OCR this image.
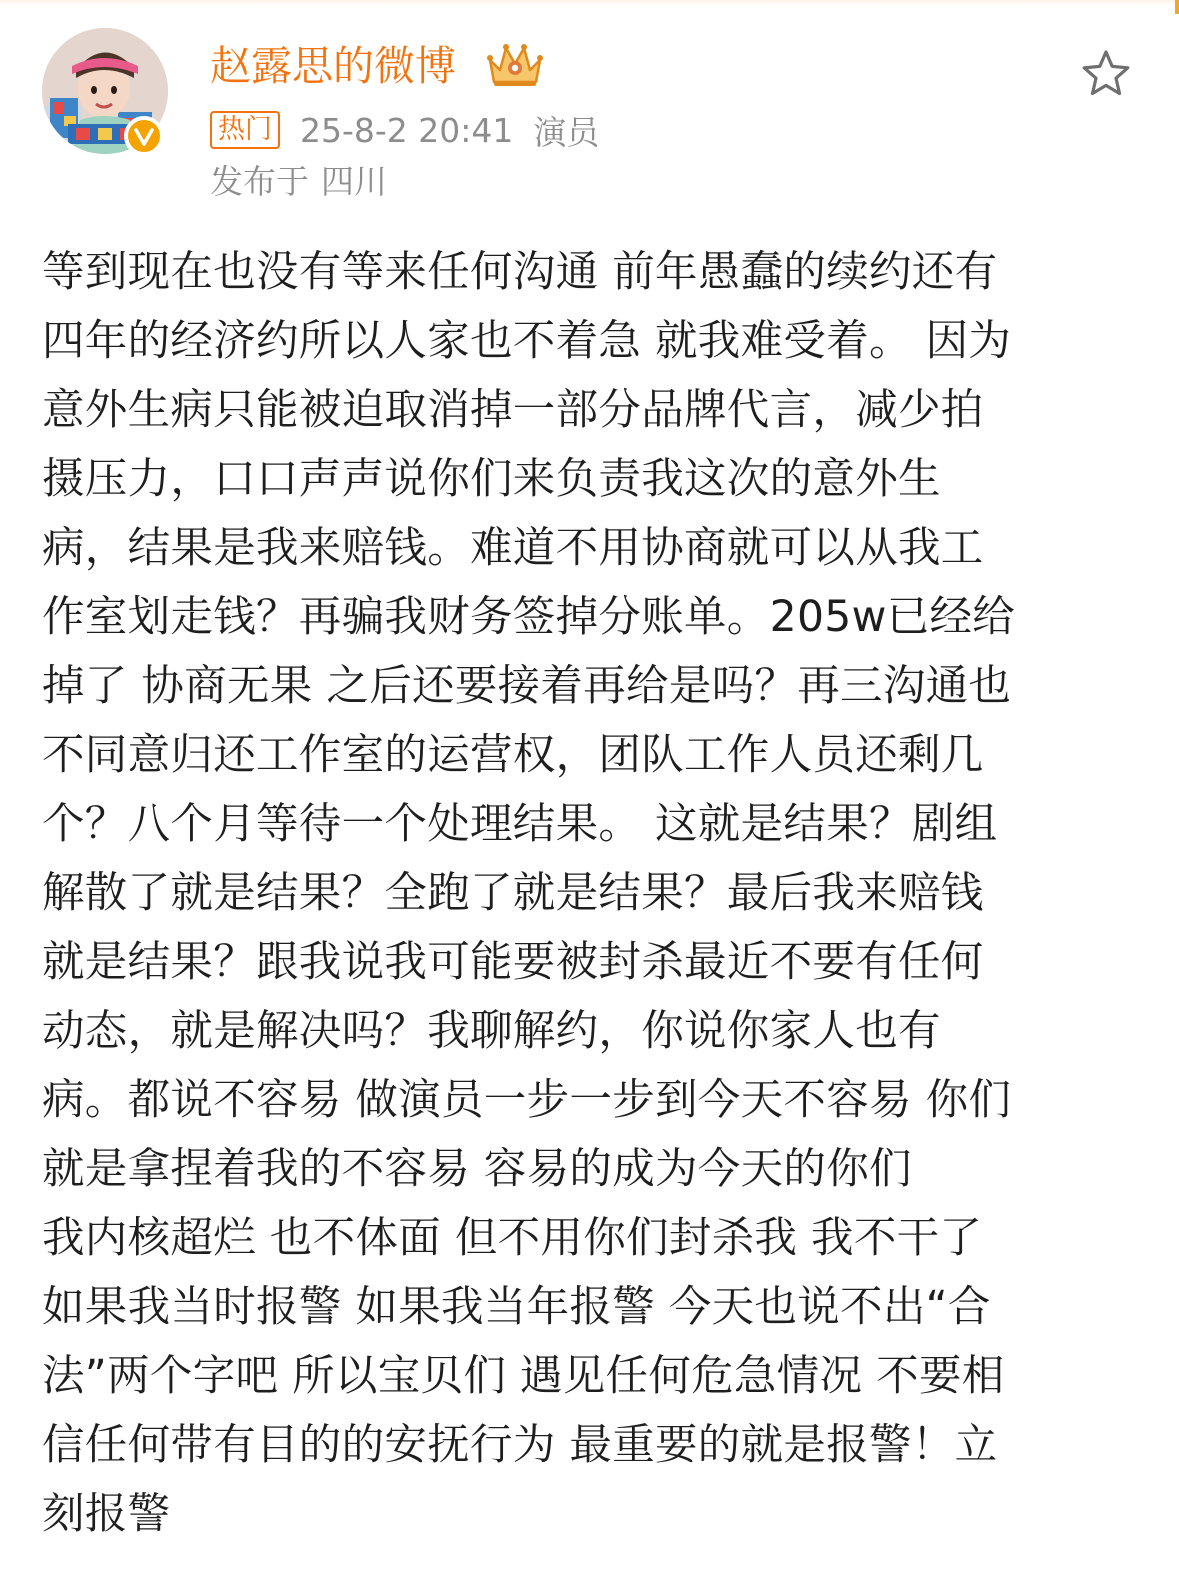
赵露思的微博
热门 25-8-2 20:41 演员
发布于 四川
等到现在也没有等来任何沟通 前年愚蠢的续约还有
四年的经济约所以人家也不着急 就我难受着。 因为
意外生病只能被迫取消掉一部分品牌代言，减少拍
摄压力，口口声声说你们来负责我这次的意外生
病，结果是我来赔钱。难道不用协商就可以从我工
作室划走钱？再骗我财务签掉分账单。205w已经给
掉了 协商无果 之后还要接着再给是吗？再三沟通也
不同意归还工作室的运营权，团队工作人员还剩几
个？八个月等待一个处理结果。 这就是结果？剧组
解散了就是结果？全跑了就是结果？最后我来赔钱
就是结果？跟我说我可能要被封杀最近不要有任何
动态，就是解决吗？我聊解约，你说你家人也有
病。都说不容易 做演员一步一步到今天不容易 你们
就是拿捏着我的不容易 容易的成为今天的你们
我内核超烂 也不体面 但不用你们封杀我 我不干了
如果我当时报警 如果我当年报警 今天也说不出“合
法”两个字吧 所以宝贝们 遇见任何危急情况 不要相
信任何带有目的的安抚行为 最重要的就是报警！立
刻报警
